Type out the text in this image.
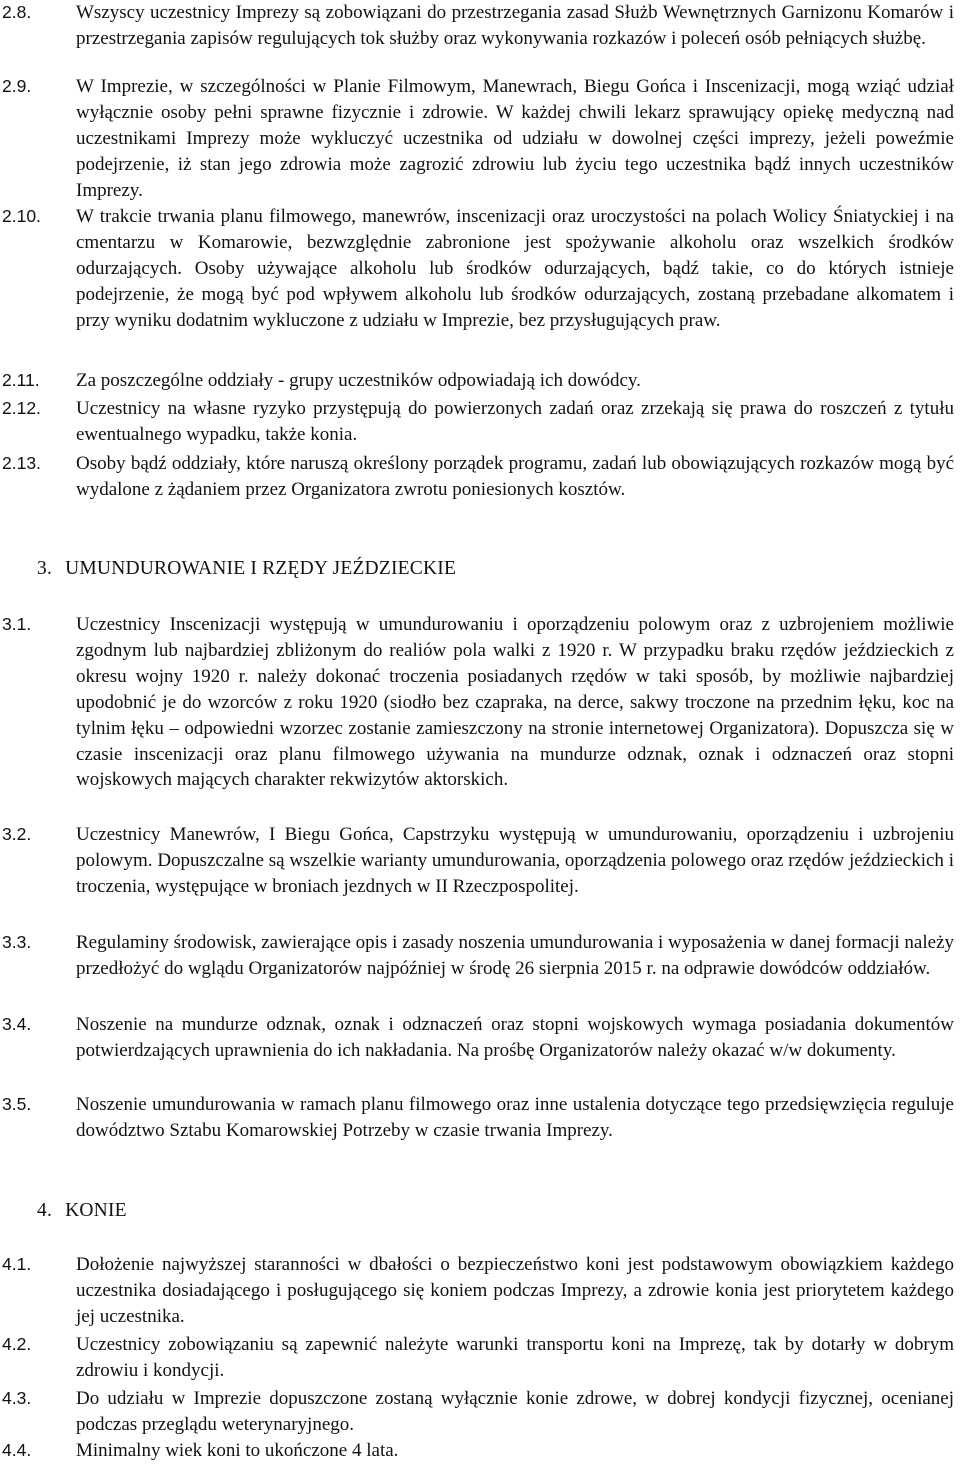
2.8.	Wszyscy uczestnicy Imprezy są zobowiązani do przestrzegania zasad Służb Wewnętrznych Garnizonu Komarów i przestrzegania zapisów regulujących tok służby oraz wykonywania rozkazów i poleceń osób pełniących służbę.
2.9.	W Imprezie, w szczególności w Planie Filmowym, Manewrach, Biegu Gońca i Inscenizacji, mogą wziąć udział wyłącznie osoby pełni sprawne fizycznie i zdrowie. W każdej chwili lekarz sprawujący opiekę medyczną nad uczestnikami Imprezy może wykluczyć uczestnika od udziału w dowolnej części imprezy, jeżeli poweźmie podejrzenie, iż stan jego zdrowia może zagrozić zdrowiu lub życiu tego uczestnika bądź innych uczestników Imprezy.
2.10.	W trakcie trwania planu filmowego, manewrów, inscenizacji oraz uroczystości na polach Wolicy Śniatyckiej i na cmentarzu w Komarowie, bezwzględnie zabronione jest spożywanie alkoholu oraz wszelkich środków odurzających. Osoby używające alkoholu lub środków odurzających, bądź takie, co do których istnieje podejrzenie, że mogą być pod wpływem alkoholu lub środków odurzających, zostaną przebadane alkomatem i przy wyniku dodatnim wykluczone z udziału w Imprezie, bez przysługujących praw.
2.11.	Za poszczególne oddziały - grupy uczestników odpowiadają ich dowódcy.
2.12.	Uczestnicy na własne ryzyko przystępują do powierzonych zadań oraz zrzekają się prawa do roszczeń z tytułu ewentualnego wypadku, także konia.
2.13.	Osoby bądź oddziały, które naruszą określony porządek programu, zadań lub obowiązujących rozkazów mogą być wydalone z żądaniem przez Organizatora zwrotu poniesionych kosztów.
3. UMUNDUROWANIE I RZĘDY JEŹDZIECKIE
3.1.	Uczestnicy Inscenizacji występują w umundurowaniu i oporządzeniu polowym oraz z uzbrojeniem możliwie zgodnym lub najbardziej zbliżonym do realiów pola walki z 1920 r. W przypadku braku rzędów jeździeckich z okresu wojny 1920 r. należy dokonać troczenia posiadanych rzędów w taki sposób, by możliwie najbardziej upodobnić je do wzorców z roku 1920 (siodło bez czapraka, na derce, sakwy troczone na przednim łęku, koc na tylnim łęku – odpowiedni wzorzec zostanie zamieszczony na stronie internetowej Organizatora). Dopuszcza się w czasie inscenizacji oraz planu filmowego używania na mundurze odznak, oznak i odznaczeń oraz stopni wojskowych mających charakter rekwizytów aktorskich.
3.2.	Uczestnicy Manewrów, I Biegu Gońca, Capstrzyku występują w umundurowaniu, oporządzeniu i uzbrojeniu polowym. Dopuszczalne są wszelkie warianty umundurowania, oporządzenia polowego oraz rzędów jeździeckich i troczenia, występujące w broniach jezdnych w II Rzeczpospolitej.
3.3.	Regulaminy środowisk, zawierające opis i zasady noszenia umundurowania i wyposażenia w danej formacji należy przedłożyć do wglądu Organizatorów najpóźniej w środę 26 sierpnia 2015 r. na odprawie dowódców oddziałów.
3.4.	Noszenie na mundurze odznak, oznak i odznaczeń oraz stopni wojskowych wymaga posiadania dokumentów potwierdzających uprawnienia do ich nakładania. Na prośbę Organizatorów należy okazać w/w dokumenty.
3.5.	Noszenie umundurowania w ramach planu filmowego oraz inne ustalenia dotyczące tego przedsięwzięcia reguluje dowództwo Sztabu Komarowskiej Potrzeby w czasie trwania Imprezy.
4. KONIE
4.1.	Dołożenie najwyższej staranności w dbałości o bezpieczeństwo koni jest podstawowym obowiązkiem każdego uczestnika dosiadającego i posługującego się koniem podczas Imprezy, a zdrowie konia jest priorytetem każdego jej uczestnika.
4.2.	Uczestnicy zobowiązaniu są zapewnić należyte warunki transportu koni na Imprezę, tak by dotarły w dobrym zdrowiu i kondycji.
4.3.	Do udziału w Imprezie dopuszczone zostaną wyłącznie konie zdrowe, w dobrej kondycji fizycznej, ocenianej podczas przeglądu weterynaryjnego.
4.4.	Minimalny wiek koni to ukończone 4 lata.
